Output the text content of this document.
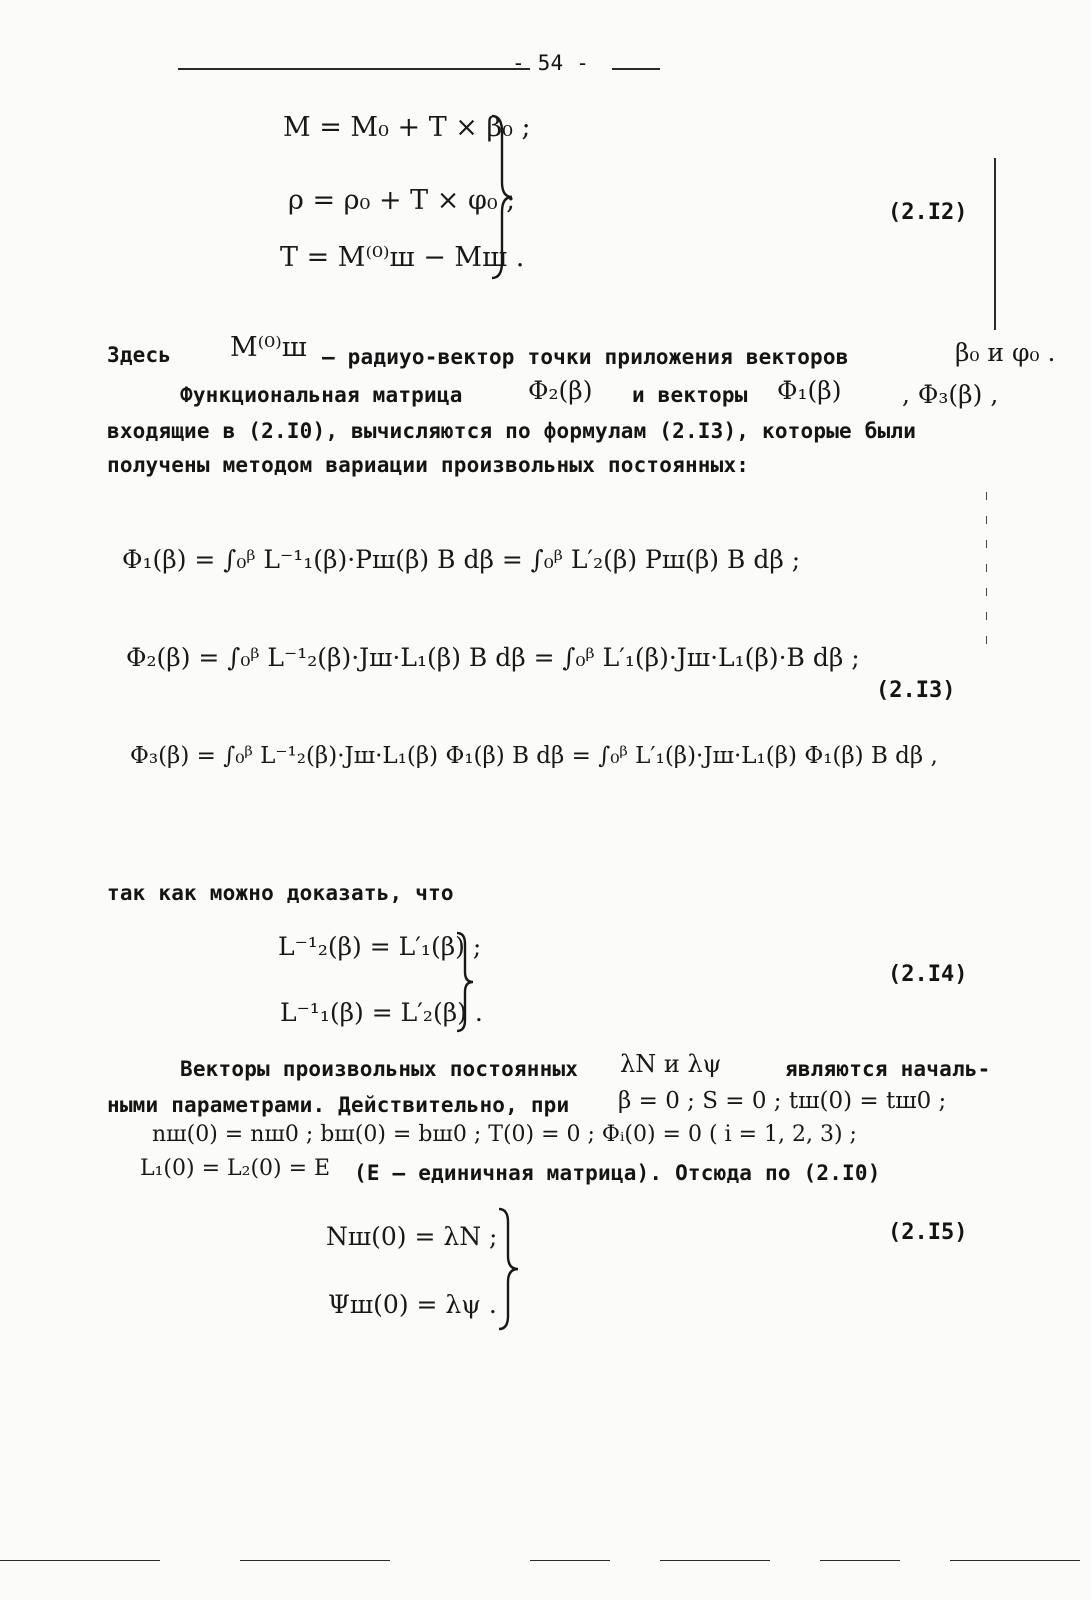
- 54 -
M = M₀ + T × β₀ ;
ρ = ρ₀ + T × φ₀ ;
T = M⁽⁰⁾ш − Mш .
(2.I2)
Здесь M⁽⁰⁾ш – радиуо-вектор точки приложения векторов	β₀ и φ₀ .
Функциональная матрица	Φ₂(β) и векторы Φ₁(β) , Φ₃(β) ,
входящие в (2.I0), вычисляются по формулам (2.I3), которые были
получены методом вариации произвольных постоянных:
Φ₁(β) = ∫₀ᵝ L⁻¹₁(β)·Pш(β) B dβ = ∫₀ᵝ L′₂(β) Pш(β) B dβ ;
Φ₂(β) = ∫₀ᵝ L⁻¹₂(β)·Jш·L₁(β) B dβ = ∫₀ᵝ L′₁(β)·Jш·L₁(β)·B dβ ;
Φ₃(β) = ∫₀ᵝ L⁻¹₂(β)·Jш·L₁(β) Φ₁(β) B dβ = ∫₀ᵝ L′₁(β)·Jш·L₁(β) Φ₁(β) B dβ ,
(2.I3)
так как можно доказать, что
L⁻¹₂(β) = L′₁(β) ;
L⁻¹₁(β) = L′₂(β) .
(2.I4)
Векторы произвольных постоянных λN и λψ	являются началь-
ными параметрами. Действительно, при β = 0 ; S = 0 ; tш(0) = tш0 ;
nш(0) = nш0 ; bш(0) = bш0 ; T(0) = 0 ; Φᵢ(0) = 0 ( i = 1, 2, 3) ;
L₁(0) = L₂(0) = E (E – единичная матрица). Отсюда по (2.I0)
Nш(0) = λN ;
Ψш(0) = λψ .
(2.I5)
